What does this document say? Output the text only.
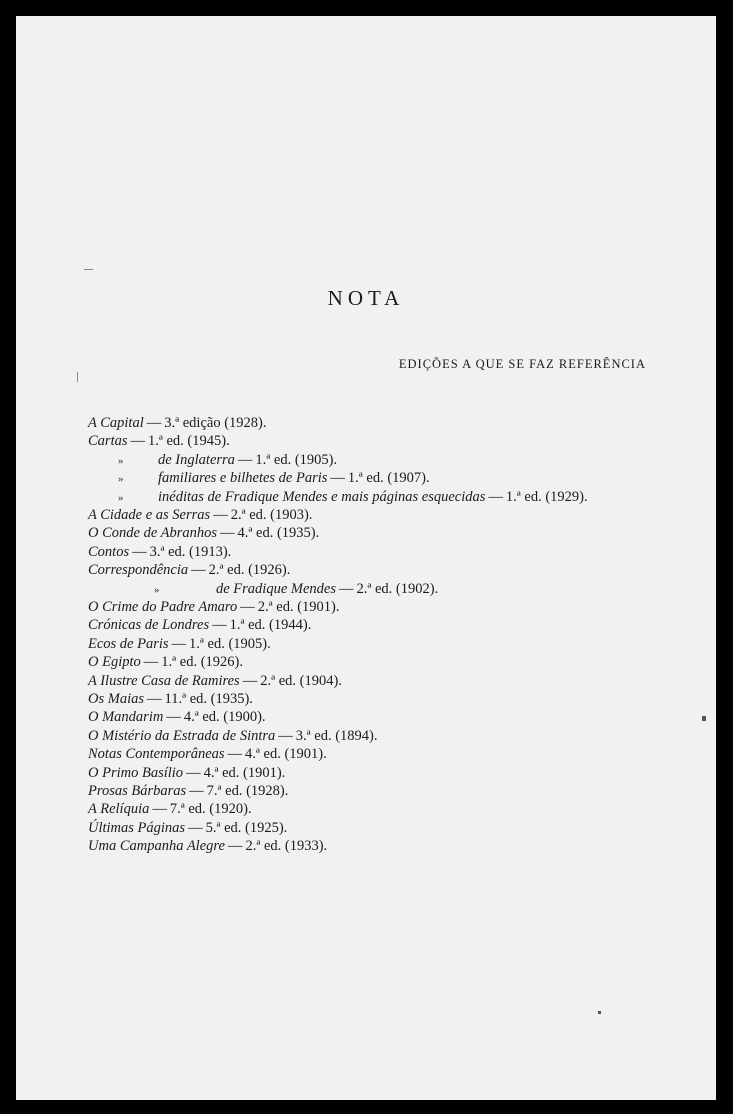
NOTA
EDIÇÕES A QUE SE FAZ REFERÊNCIA
A Capital — 3.ª edição (1928).
Cartas — 1.ª ed. (1945).
» de Inglaterra — 1.ª ed. (1905).
» familiares e bilhetes de Paris — 1.ª ed. (1907).
» inéditas de Fradique Mendes e mais páginas esquecidas — 1.ª ed. (1929).
A Cidade e as Serras — 2.ª ed. (1903).
O Conde de Abranhos — 4.ª ed. (1935).
Contos — 3.ª ed. (1913).
Correspondência — 2.ª ed. (1926).
»	de Fradique Mendes — 2.ª ed. (1902).
O Crime do Padre Amaro — 2.ª ed. (1901).
Crónicas de Londres — 1.ª ed. (1944).
Ecos de Paris — 1.ª ed. (1905).
O Egipto — 1.ª ed. (1926).
A Ilustre Casa de Ramires — 2.ª ed. (1904).
Os Maias — 11.ª ed. (1935).
O Mandarim — 4.ª ed. (1900).
O Mistério da Estrada de Sintra — 3.ª ed. (1894).
Notas Contemporâneas — 4.ª ed. (1901).
O Primo Basílio — 4.ª ed. (1901).
Prosas Bárbaras — 7.ª ed. (1928).
A Relíquia — 7.ª ed. (1920).
Últimas Páginas — 5.ª ed. (1925).
Uma Campanha Alegre — 2.ª ed. (1933).
